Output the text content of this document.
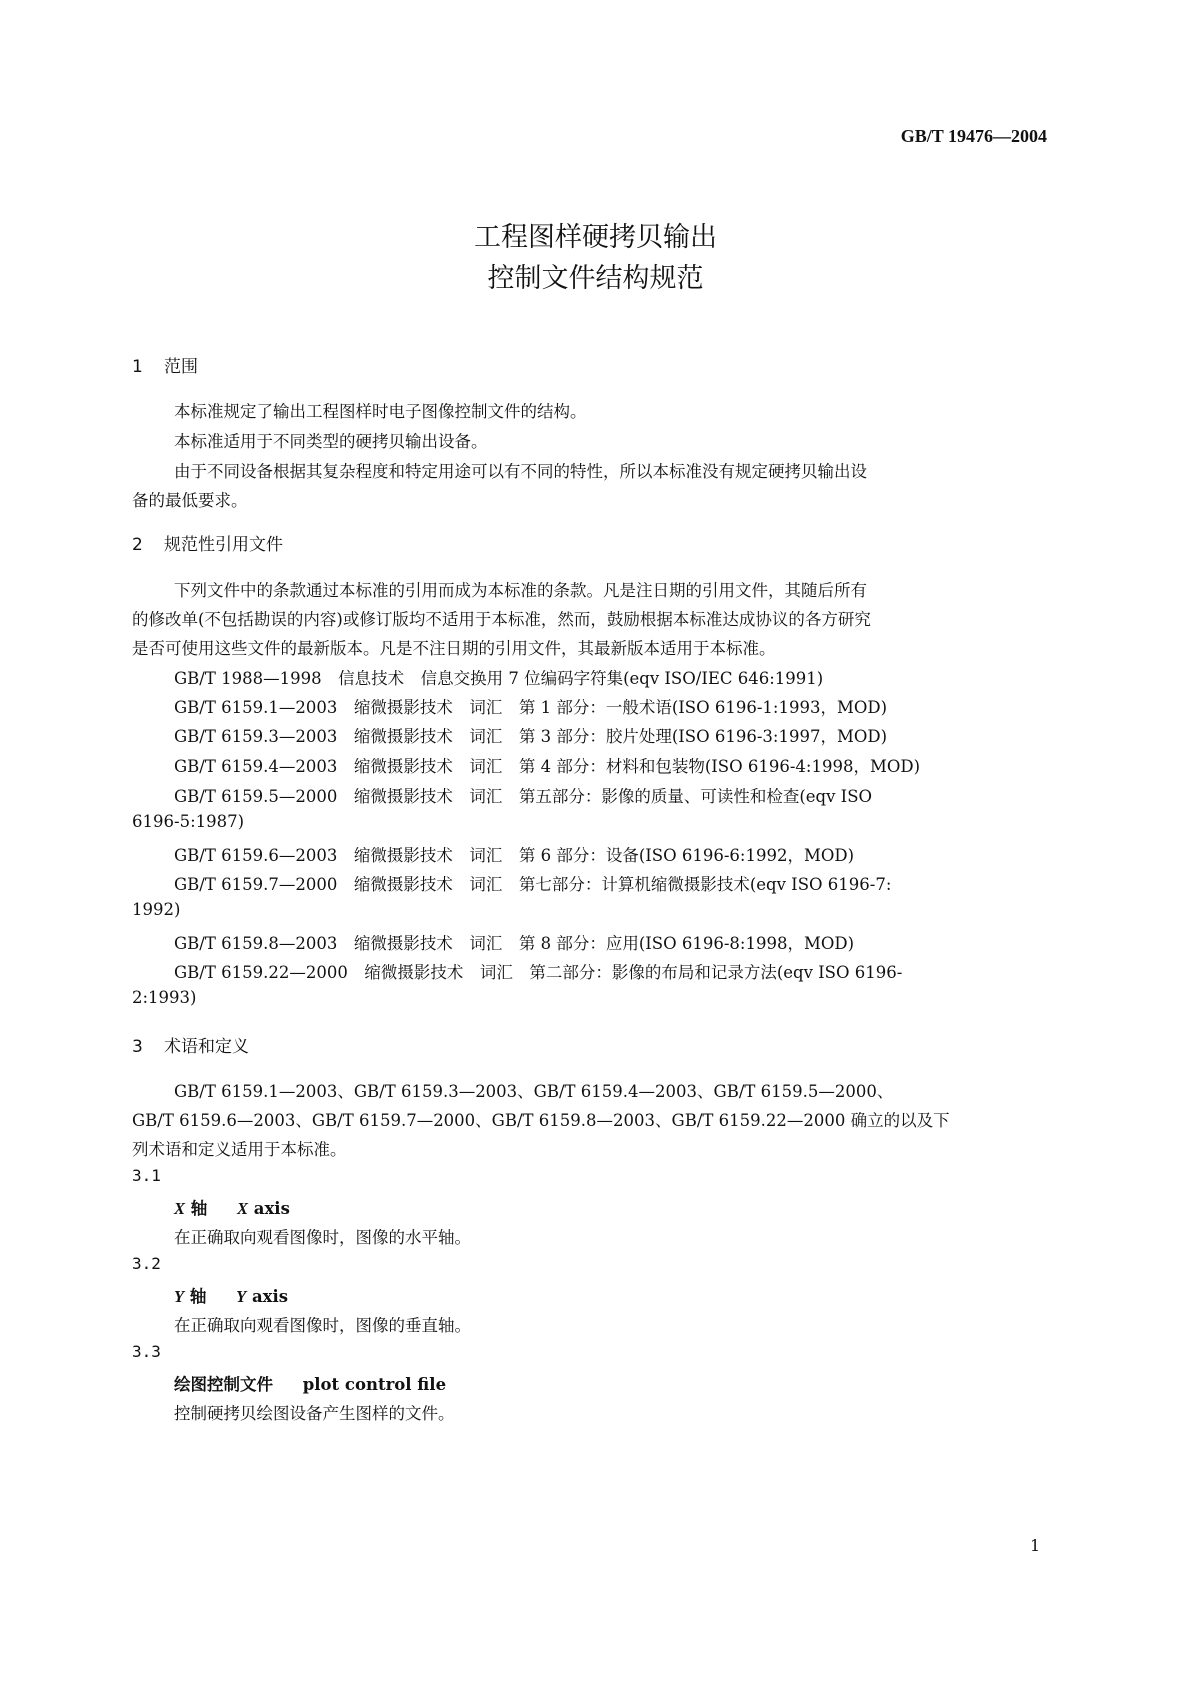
GB/T 19476—2004
工程图样硬拷贝输出
控制文件结构规范
1 范围
本标准规定了输出工程图样时电子图像控制文件的结构。
本标准适用于不同类型的硬拷贝输出设备。
由于不同设备根据其复杂程度和特定用途可以有不同的特性，所以本标准没有规定硬拷贝输出设
备的最低要求。
2 规范性引用文件
下列文件中的条款通过本标准的引用而成为本标准的条款。凡是注日期的引用文件，其随后所有
的修改单(不包括勘误的内容)或修订版均不适用于本标准，然而，鼓励根据本标准达成协议的各方研究
是否可使用这些文件的最新版本。凡是不注日期的引用文件，其最新版本适用于本标准。
GB/T 1988—1998　信息技术　信息交换用 7 位编码字符集(eqv ISO/IEC 646:1991)
GB/T 6159.1—2003　缩微摄影技术　词汇　第 1 部分：一般术语(ISO 6196-1:1993，MOD)
GB/T 6159.3—2003　缩微摄影技术　词汇　第 3 部分：胶片处理(ISO 6196-3:1997，MOD)
GB/T 6159.4—2003　缩微摄影技术　词汇　第 4 部分：材料和包装物(ISO 6196-4:1998，MOD)
GB/T 6159.5—2000　缩微摄影技术　词汇　第五部分：影像的质量、可读性和检查(eqv ISO
6196-5:1987)
GB/T 6159.6—2003　缩微摄影技术　词汇　第 6 部分：设备(ISO 6196-6:1992，MOD)
GB/T 6159.7—2000　缩微摄影技术　词汇　第七部分：计算机缩微摄影技术(eqv ISO 6196-7:
1992)
GB/T 6159.8—2003　缩微摄影技术　词汇　第 8 部分：应用(ISO 6196-8:1998，MOD)
GB/T 6159.22—2000　缩微摄影技术　词汇　第二部分：影像的布局和记录方法(eqv ISO 6196-
2:1993)
3 术语和定义
GB/T 6159.1—2003、GB/T 6159.3—2003、GB/T 6159.4—2003、GB/T 6159.5—2000、
GB/T 6159.6—2003、GB/T 6159.7—2000、GB/T 6159.8—2003、GB/T 6159.22—2000 确立的以及下
列术语和定义适用于本标准。
3.1
X 轴 X axis
在正确取向观看图像时，图像的水平轴。
3.2
Y 轴 Y axis
在正确取向观看图像时，图像的垂直轴。
3.3
绘图控制文件 plot control file
控制硬拷贝绘图设备产生图样的文件。
1
